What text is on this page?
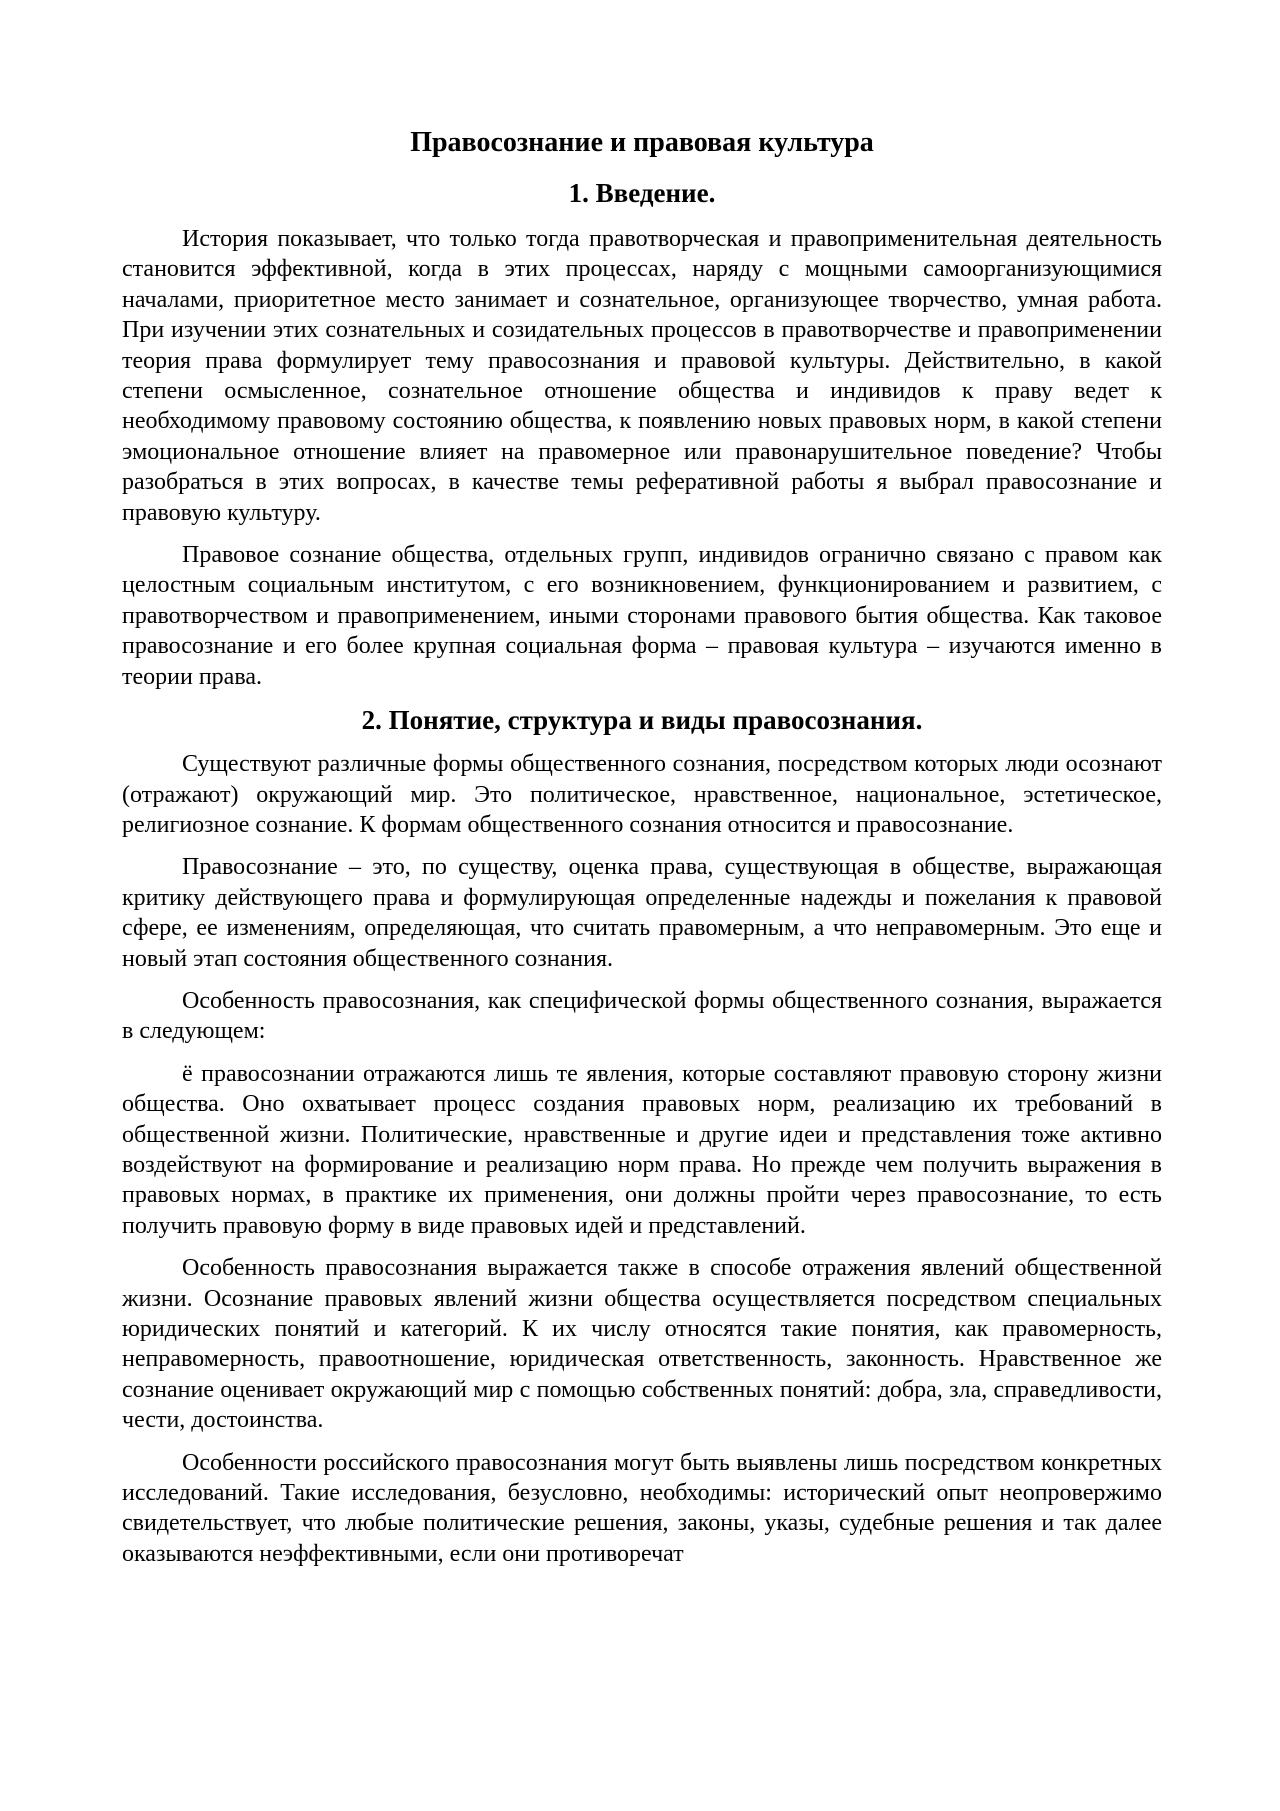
Правосознание и правовая культура
1. Введение.

История показывает, что только тогда правотворческая и правоприменительная деятельность становится эффективной, когда в этих процессах, наряду с мощными самоорганизующимися началами, приоритетное место занимает и сознательное, организующее творчество, умная работа. При изучении этих сознательных и созидательных процессов в правотворчестве и правоприменении теория права формулирует тему правосознания и правовой культуры. Действительно, в какой степени осмысленное, сознательное отношение общества и индивидов к праву ведет к необходимому правовому состоянию общества, к появлению новых правовых норм, в какой степени эмоциональное отношение влияет на правомерное или правонарушительное поведение? Чтобы разобраться в этих вопросах, в качестве темы реферативной работы я выбрал правосознание и правовую культуру.

Правовое сознание общества, отдельных групп, индивидов огранично связано с правом как целостным социальным институтом, с его возникновением, функционированием и развитием, с правотворчеством и правоприменением, иными сторонами правового бытия общества. Как таковое правосознание и его более крупная социальная форма – правовая культура – изучаются именно в теории права.

2. Понятие, структура и виды правосознания.

Существуют различные формы общественного сознания, посредством которых люди осознают (отражают) окружающий мир. Это политическое, нравственное, национальное, эстетическое, религиозное сознание. К формам общественного сознания относится и правосознание.

Правосознание – это, по существу, оценка права, существующая в обществе, выражающая критику действующего права и формулирующая определенные надежды и пожелания к правовой сфере, ее изменениям, определяющая, что считать правомерным, а что неправомерным. Это еще и новый этап состояния общественного сознания.

Особенность правосознания, как специфической формы общественного сознания, выражается в следующем:

ё правосознании отражаются лишь те явления, которые составляют правовую сторону жизни общества. Оно охватывает процесс создания правовых норм, реализацию их требований в общественной жизни. Политические, нравственные и другие идеи и представления тоже активно воздействуют на формирование и реализацию норм права. Но прежде чем получить выражения в правовых нормах, в практике их применения, они должны пройти через правосознание, то есть получить правовую форму в виде правовых идей и представлений.

Особенность правосознания выражается также в способе отражения явлений общественной жизни. Осознание правовых явлений жизни общества осуществляется посредством специальных юридических понятий и категорий. К их числу относятся такие понятия, как правомерность, неправомерность, правоотношение, юридическая ответственность, законность. Нравственное же сознание оценивает окружающий мир с помощью собственных понятий: добра, зла, справедливости, чести, достоинства.

Особенности российского правосознания могут быть выявлены лишь посредством конкретных исследований. Такие исследования, безусловно, необходимы: исторический опыт неопровержимо свидетельствует, что любые политические решения, законы, указы, судебные решения и так далее оказываются неэффективными, если они противоречат
